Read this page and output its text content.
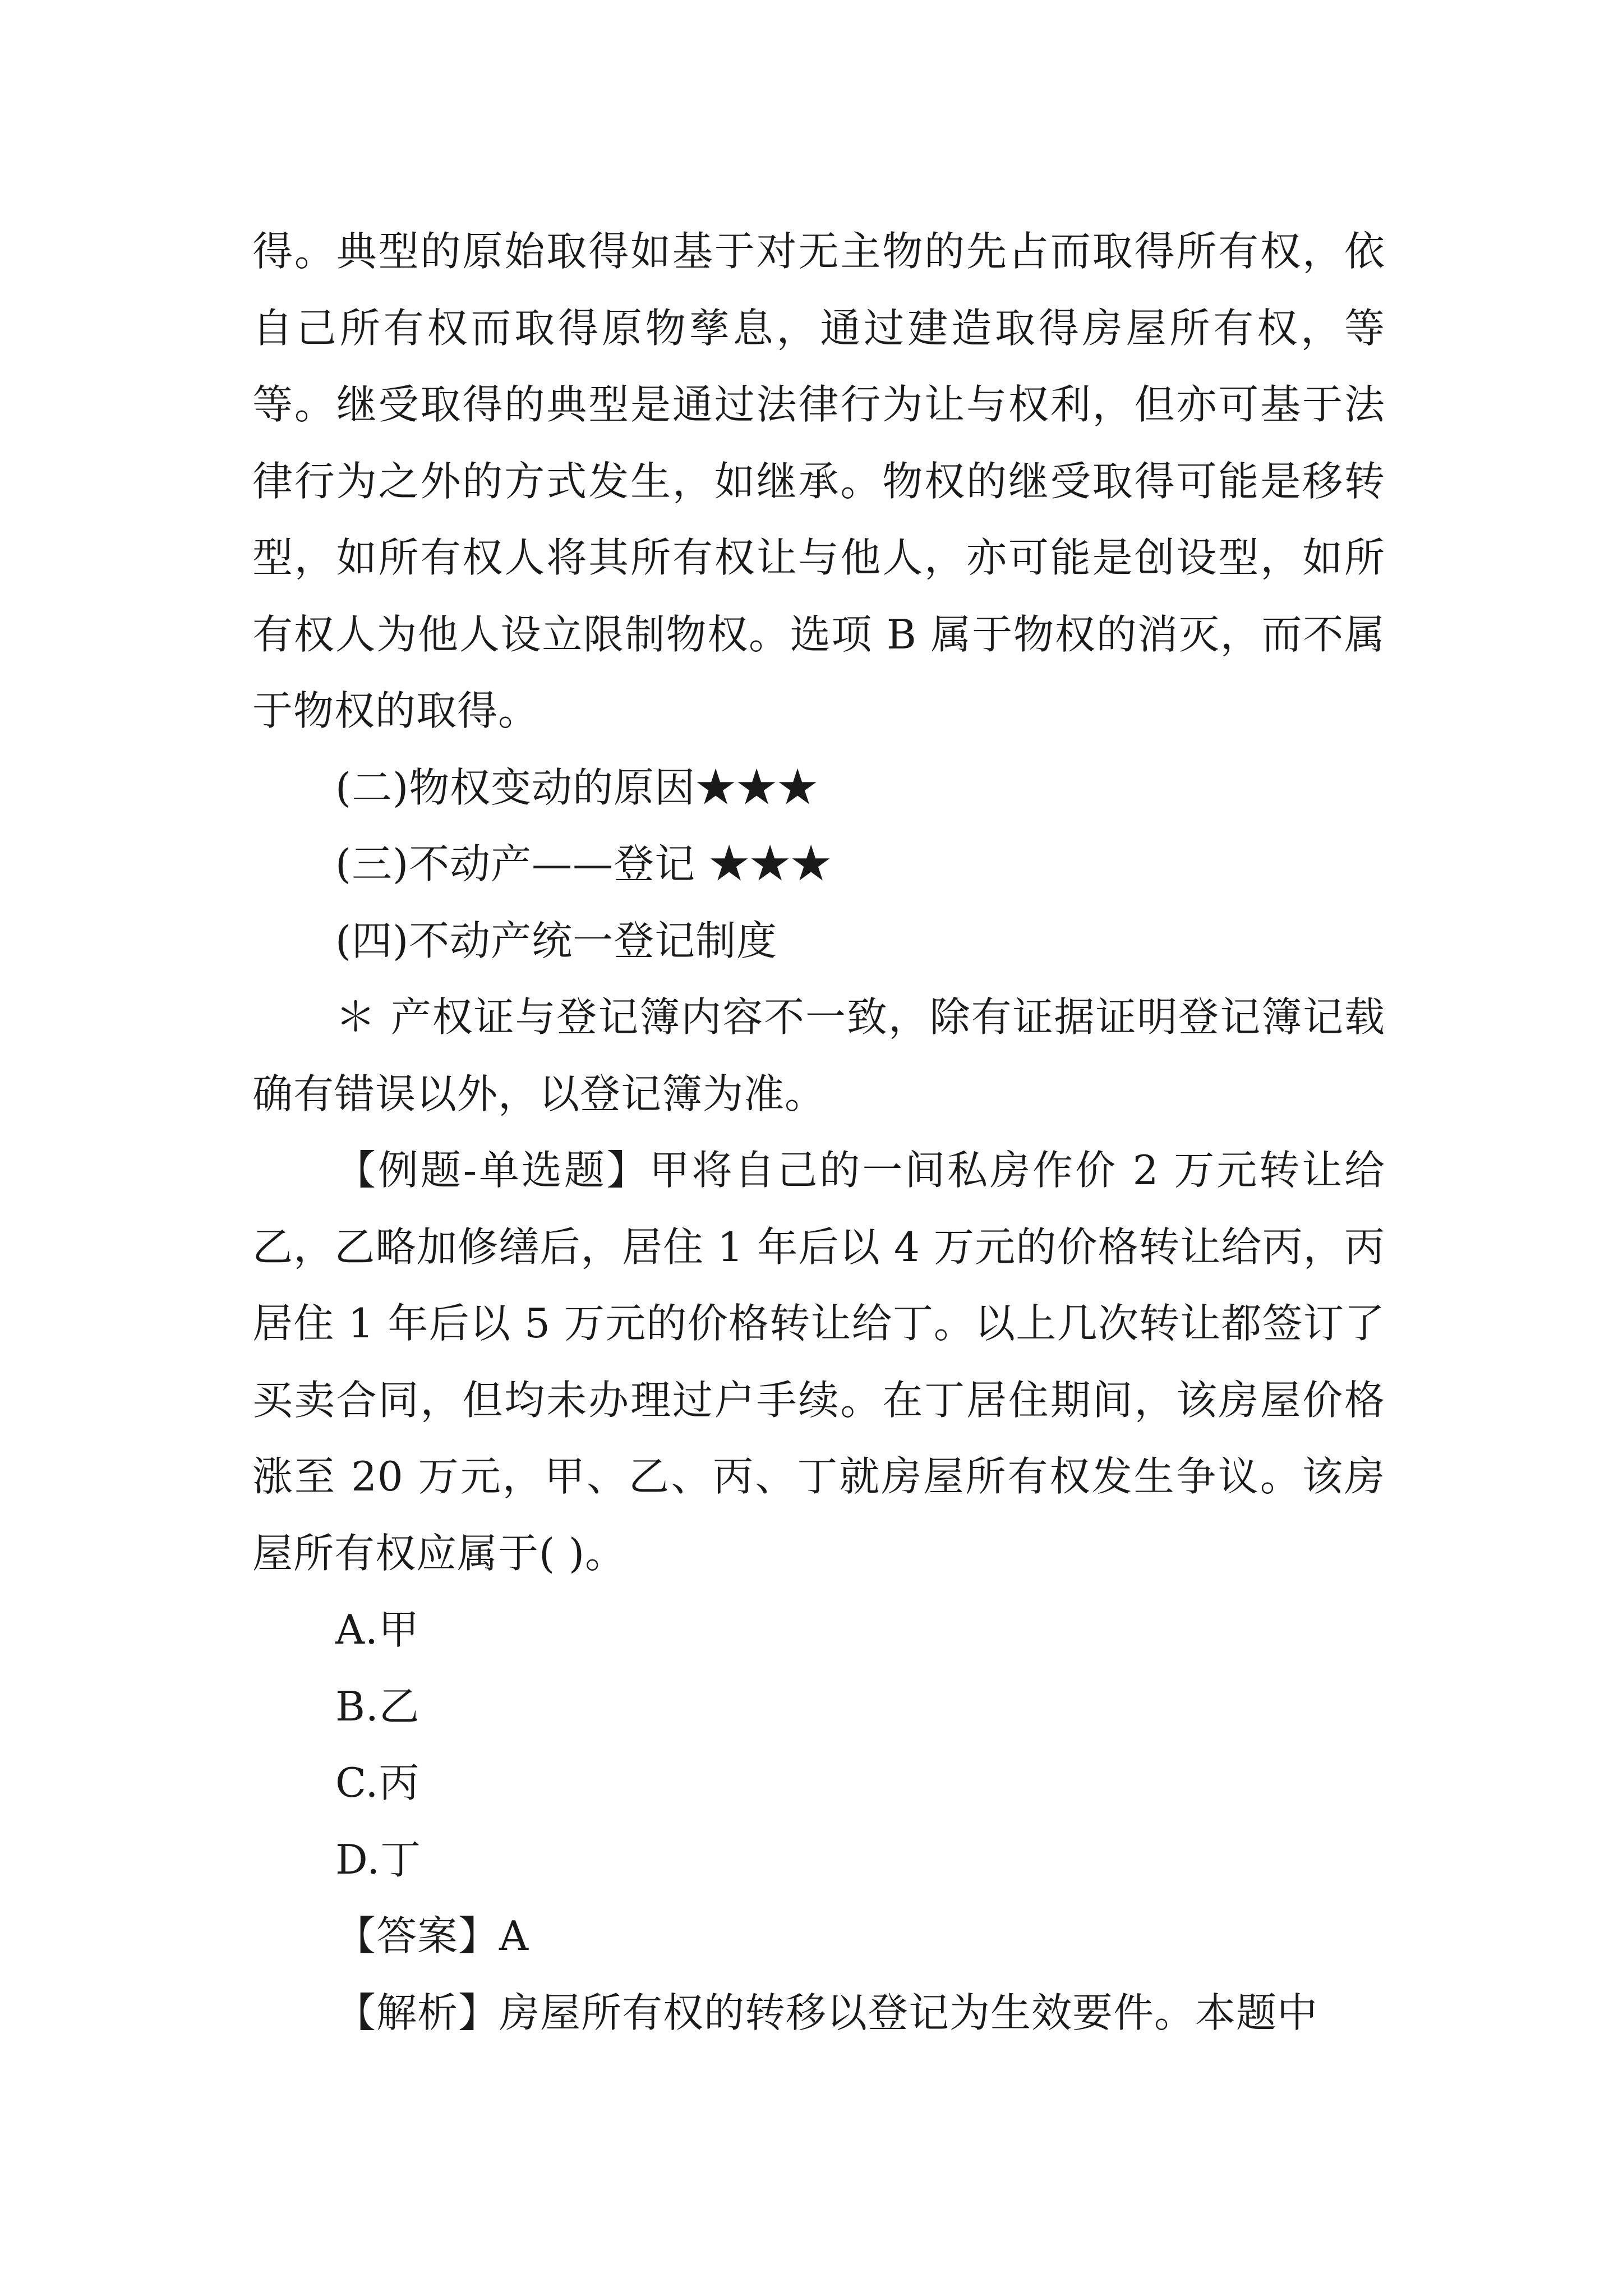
得。典型的原始取得如基于对无主物的先占而取得所有权，依自己所有权而取得原物孳息，通过建造取得房屋所有权，等等。继受取得的典型是通过法律行为让与权利，但亦可基于法律行为之外的方式发生，如继承。物权的继受取得可能是移转型，如所有权人将其所有权让与他人，亦可能是创设型，如所有权人为他人设立限制物权。选项 B 属于物权的消灭，而不属于物权的取得。

(二)物权变动的原因★★★

(三)不动产——登记 ★★★

(四)不动产统一登记制度

＊ 产权证与登记簿内容不一致，除有证据证明登记簿记载确有错误以外，以登记簿为准。

【例题-单选题】甲将自己的一间私房作价 2 万元转让给乙，乙略加修缮后，居住 1 年后以 4 万元的价格转让给丙，丙居住 1 年后以 5 万元的价格转让给丁。以上几次转让都签订了买卖合同，但均未办理过户手续。在丁居住期间，该房屋价格涨至 20 万元，甲、乙、丙、丁就房屋所有权发生争议。该房屋所有权应属于( )。

A.甲

B.乙

C.丙

D.丁

【答案】A

【解析】房屋所有权的转移以登记为生效要件。本题中
